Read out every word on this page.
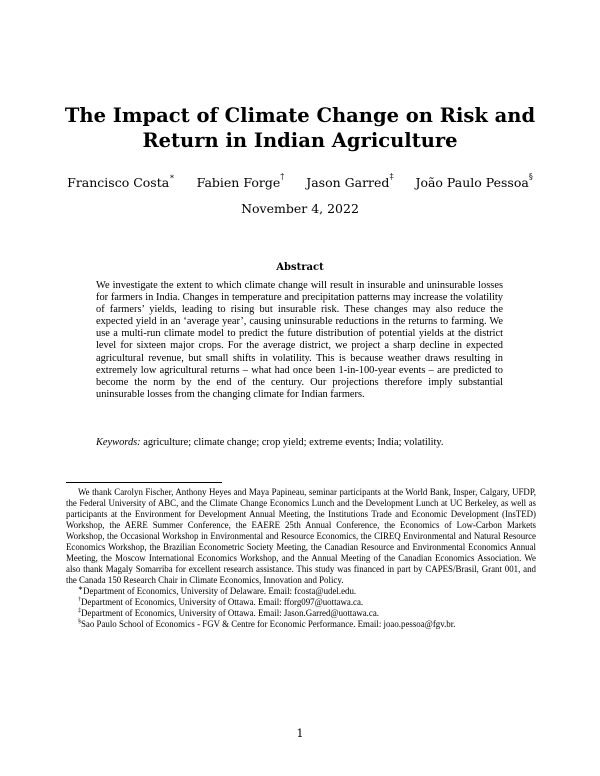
The Impact of Climate Change on Risk and
Return in Indian Agriculture
Francisco Costa∗ Fabien Forge† Jason Garred‡ João Paulo Pessoa§
November 4, 2022
Abstract

We investigate the extent to which climate change will result in insurable and uninsurable losses for farmers in India. Changes in temperature and precipitation patterns may increase the volatility of farmers’ yields, leading to rising but insurable risk. These changes may also reduce the expected yield in an ‘average year’, causing uninsurable reductions in the returns to farming. We use a multi-run climate model to predict the future distribution of potential yields at the district level for sixteen major crops. For the average district, we project a sharp decline in expected agricultural revenue, but small shifts in volatility. This is because weather draws resulting in extremely low agricultural returns – what had once been 1-in-100-year events – are predicted to become the norm by the end of the century. Our projections therefore imply substantial uninsurable losses from the changing climate for Indian farmers.

Keywords: agriculture; climate change; crop yield; extreme events; India; volatility.

We thank Carolyn Fischer, Anthony Heyes and Maya Papineau, seminar participants at the World Bank, Insper, Calgary, UFDP, the Federal University of ABC, and the Climate Change Economics Lunch and the Development Lunch at UC Berkeley, as well as participants at the Environment for Development Annual Meeting, the Institutions Trade and Economic Development (InsTED) Workshop, the AERE Summer Conference, the EAERE 25th Annual Conference, the Economics of Low-Carbon Markets Workshop, the Occasional Workshop in Environmental and Resource Economics, the CIREQ Environmental and Natural Resource Economics Workshop, the Brazilian Econometric Society Meeting, the Canadian Resource and Environmental Economics Annual Meeting, the Moscow International Economics Workshop, and the Annual Meeting of the Canadian Economics Association. We also thank Magaly Somarriba for excellent research assistance. This study was financed in part by CAPES/Brasil, Grant 001, and the Canada 150 Research Chair in Climate Economics, Innovation and Policy.

∗Department of Economics, University of Delaware. Email: fcosta@udel.edu.

†Department of Economics, University of Ottawa. Email: fforg097@uottawa.ca.

‡Department of Economics, University of Ottawa. Email: Jason.Garred@uottawa.ca.

§Sao Paulo School of Economics - FGV & Centre for Economic Performance. Email: joao.pessoa@fgv.br.

1
